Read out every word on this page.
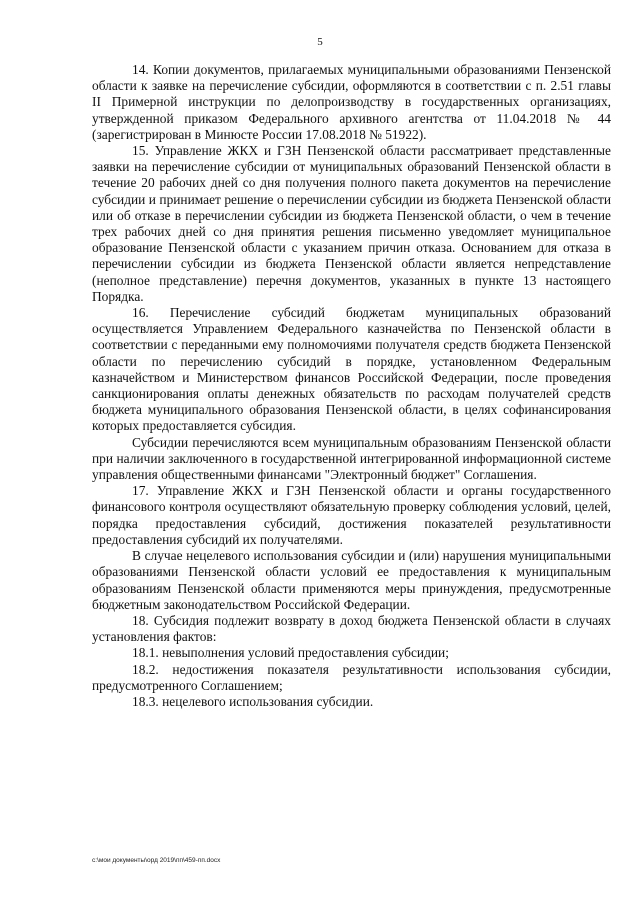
5

14. Копии документов, прилагаемых муниципальными образованиями Пензенской области к заявке на перечисление субсидии, оформляются в соответствии с п. 2.51 главы II Примерной инструкции по делопроизводству в государственных организациях, утвержденной приказом Федерального архивного агентства от 11.04.2018 № 44 (зарегистрирован в Минюсте России 17.08.2018 № 51922).

15. Управление ЖКХ и ГЗН Пензенской области рассматривает представленные заявки на перечисление субсидии от муниципальных образований Пензенской области в течение 20 рабочих дней со дня получения полного пакета документов на перечисление субсидии и принимает решение о перечислении субсидии из бюджета Пензенской области или об отказе в перечислении субсидии из бюджета Пензенской области, о чем в течение трех рабочих дней со дня принятия решения письменно уведомляет муниципальное образование Пензенской области с указанием причин отказа. Основанием для отказа в перечислении субсидии из бюджета Пензенской области является непредставление (неполное представление) перечня документов, указанных в пункте 13 настоящего Порядка.

16. Перечисление субсидий бюджетам муниципальных образований осуществляется Управлением Федерального казначейства по Пензенской области в соответствии с переданными ему полномочиями получателя средств бюджета Пензенской области по перечислению субсидий в порядке, установленном Федеральным казначейством и Министерством финансов Российской Федерации, после проведения санкционирования оплаты денежных обязательств по расходам получателей средств бюджета муниципального образования Пензенской области, в целях софинансирования которых предоставляется субсидия.

Субсидии перечисляются всем муниципальным образованиям Пензенской области при наличии заключенного в государственной интегрированной информационной системе управления общественными финансами "Электронный бюджет" Соглашения.

17. Управление ЖКХ и ГЗН Пензенской области и органы государственного финансового контроля осуществляют обязательную проверку соблюдения условий, целей, порядка предоставления субсидий, достижения показателей результативности предоставления субсидий их получателями.

В случае нецелевого использования субсидии и (или) нарушения муниципальными образованиями Пензенской области условий ее предоставления к муниципальным образованиям Пензенской области применяются меры принуждения, предусмотренные бюджетным законодательством Российской Федерации.

18. Субсидия подлежит возврату в доход бюджета Пензенской области в случаях установления фактов:

18.1. невыполнения условий предоставления субсидии;

18.2. недостижения показателя результативности использования субсидии, предусмотренного Соглашением;

18.3. нецелевого использования субсидии.

c:\мои документы\орд 2019\пп\459-пп.docx
